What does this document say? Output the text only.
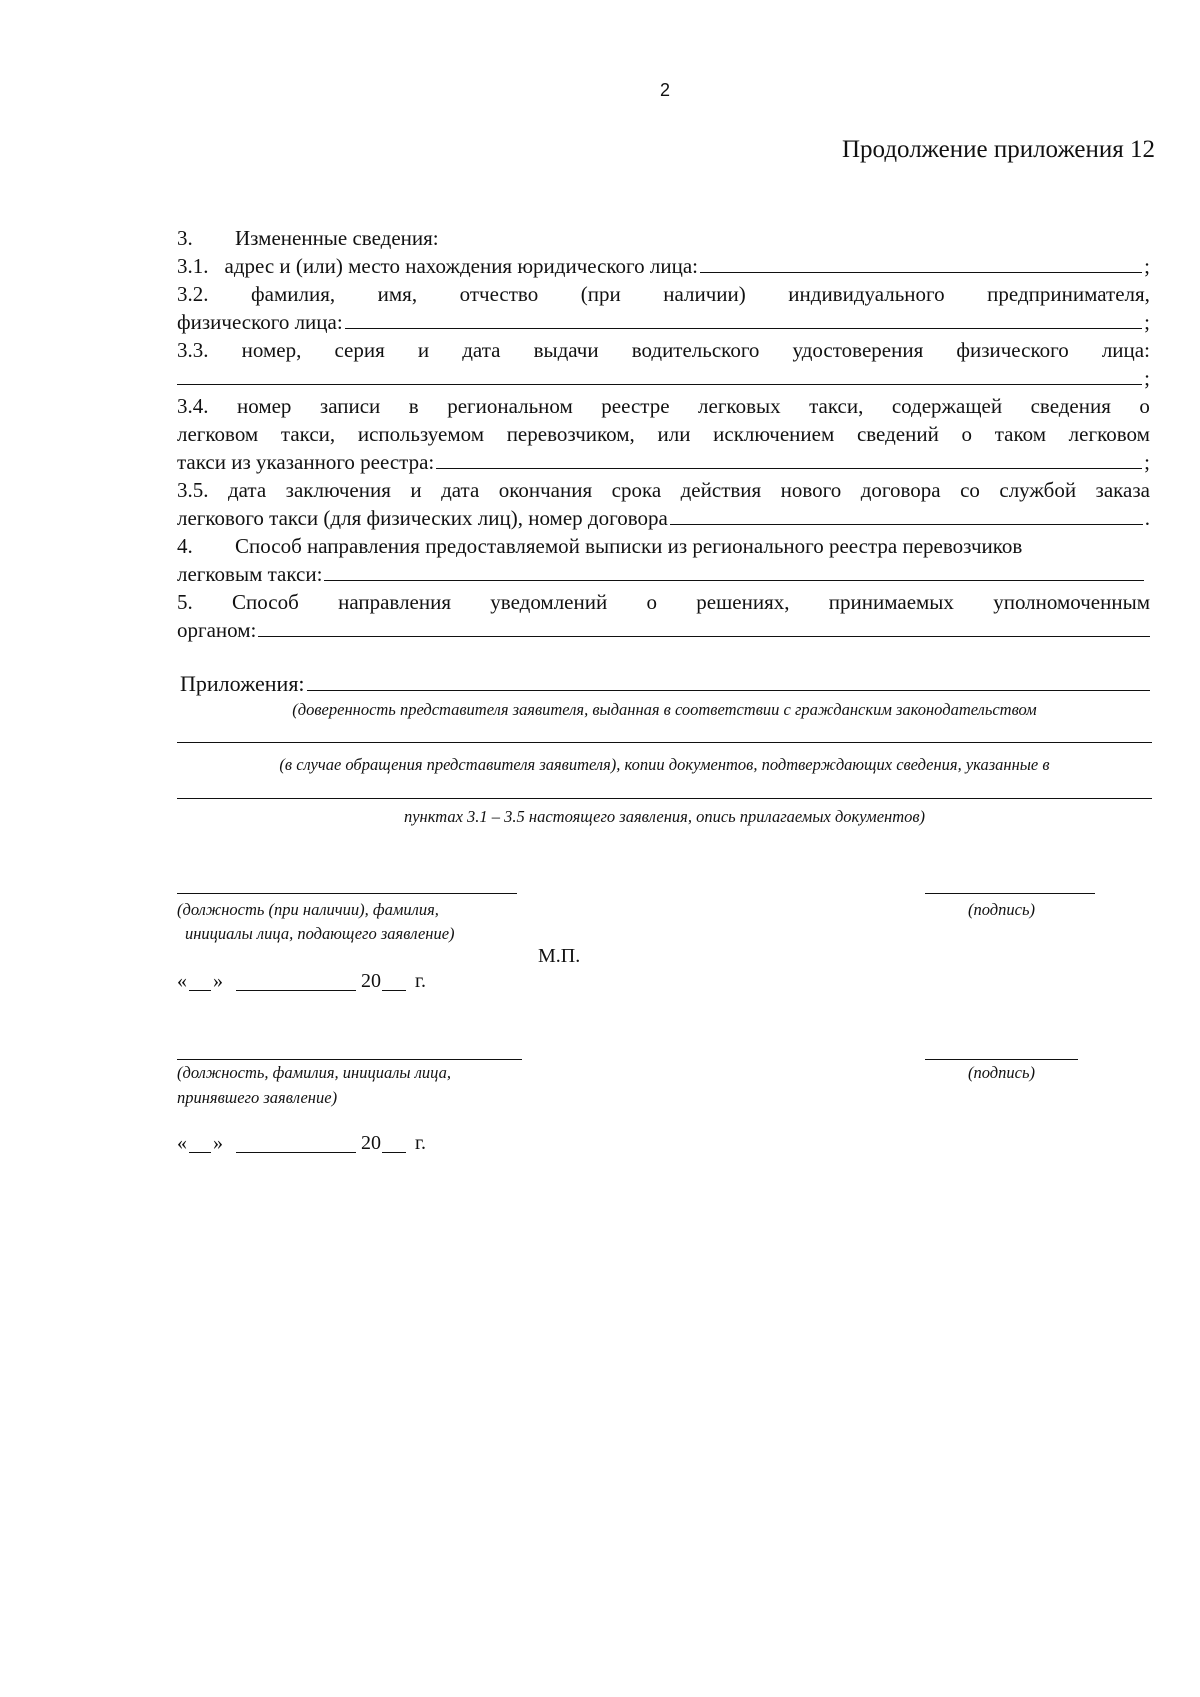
2
Продолжение приложения 12
3. Измененные сведения:
3.1. адрес и (или) место нахождения юридического лица:	;
3.2. фамилия, имя, отчество (при наличии) индивидуального предпринимателя,
физического лица:	;
3.3. номер, серия и дата выдачи водительского удостоверения физического лица:
;
3.4. номер записи в региональном реестре легковых такси, содержащей сведения о
легковом такси, используемом перевозчиком, или исключением сведений о таком легковом
такси из указанного реестра:	;
3.5. дата заключения и дата окончания срока действия нового договора со службой заказа
легкового такси (для физических лиц), номер договора	.
4. Способ направления предоставляемой выписки из регионального реестра перевозчиков
легковым такси:
5. Способ направления уведомлений о решениях, принимаемых уполномоченным
органом:
Приложения:
(доверенность представителя заявителя, выданная в соответствии с гражданским законодательством
(в случае обращения представителя заявителя), копии документов, подтверждающих сведения, указанные в
пунктах 3.1 – 3.5 настоящего заявления, опись прилагаемых документов)
(должность (при наличии), фамилия,
инициалы лица, подающего заявление)
(подпись)
М.П.
« »	20 г.
(должность, фамилия, инициалы лица,
принявшего заявление)
(подпись)
« »	20 г.
